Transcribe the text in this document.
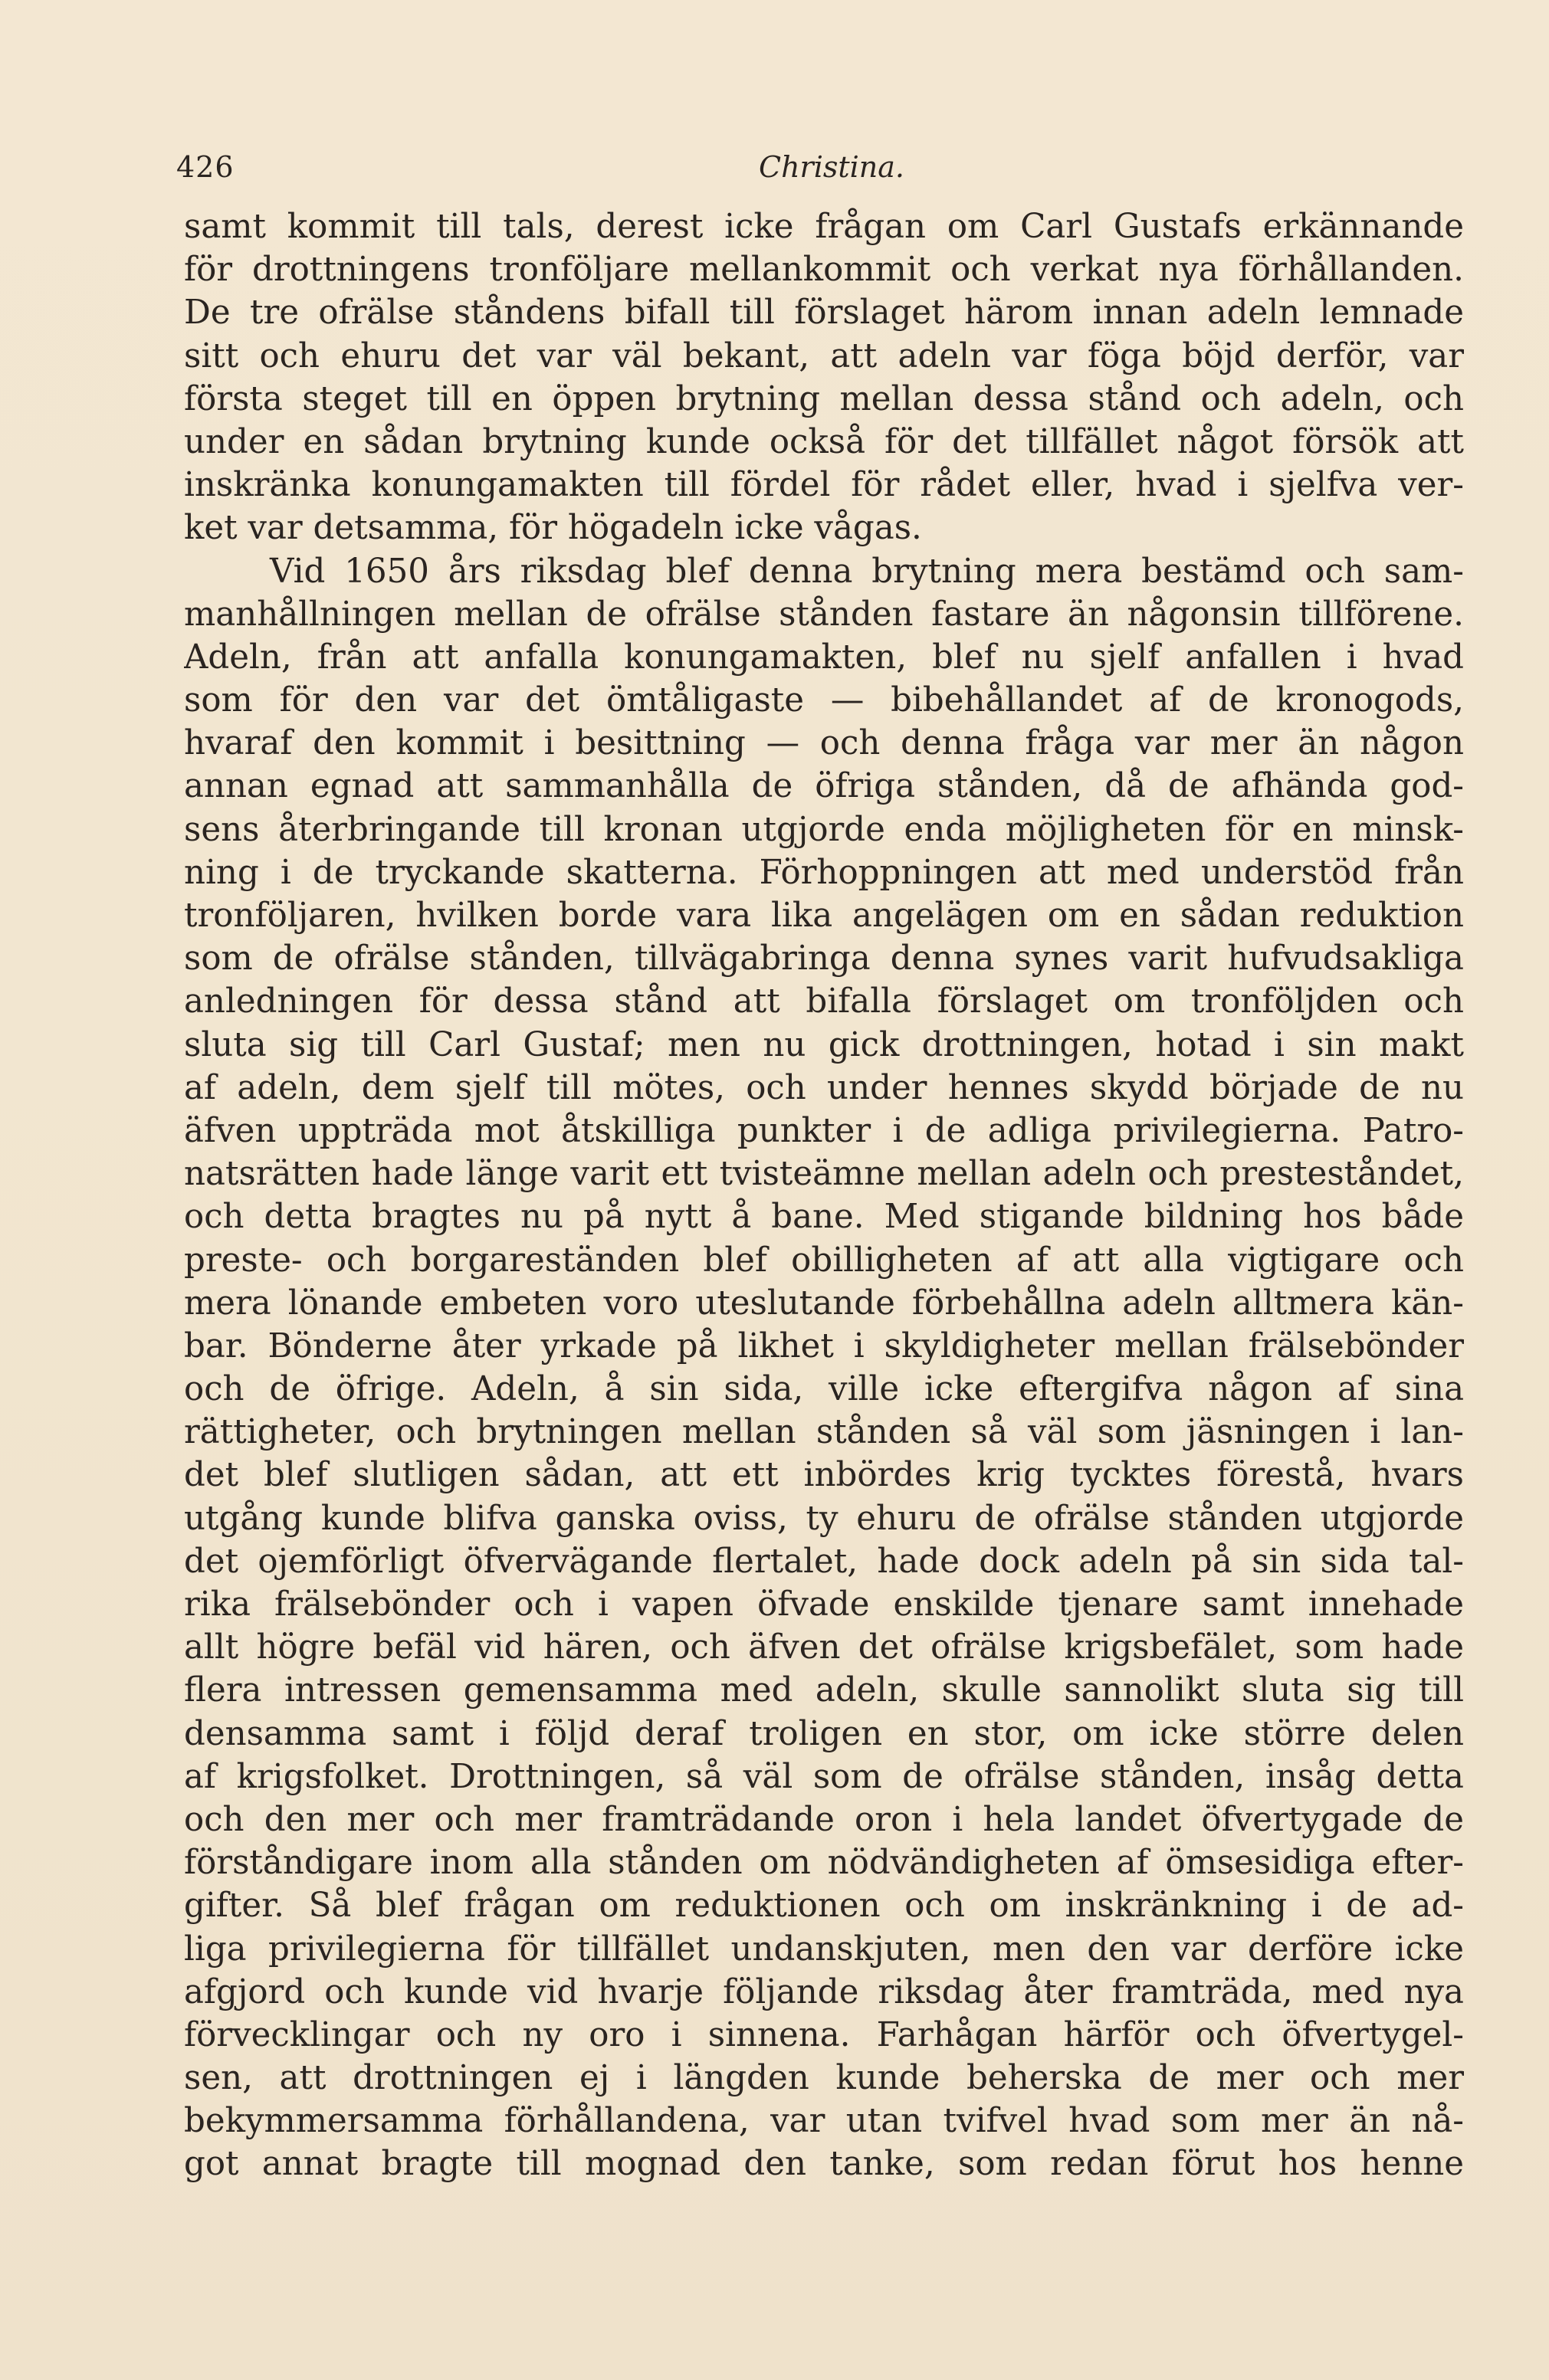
426	Christina.
samt kommit till tals, derest icke frågan om Carl Gustafs erkännande
för drottningens tronföljare mellankommit och verkat nya förhållanden.
De tre ofrälse ståndens bifall till förslaget härom innan adeln lemnade
sitt och ehuru det var väl bekant, att adeln var föga böjd derför, var
första steget till en öppen brytning mellan dessa stånd och adeln, och
under en sådan brytning kunde också för det tillfället något försök att
inskränka konungamakten till fördel för rådet eller, hvad i sjelfva ver-
ket var detsamma, för högadeln icke vågas.
Vid 1650 års riksdag blef denna brytning mera bestämd och sam-
manhållningen mellan de ofrälse stånden fastare än någonsin tillförene.
Adeln, från att anfalla konungamakten, blef nu sjelf anfallen i hvad
som för den var det ömtåligaste — bibehållandet af de kronogods,
hvaraf den kommit i besittning — och denna fråga var mer än någon
annan egnad att sammanhålla de öfriga stånden, då de afhända god-
sens återbringande till kronan utgjorde enda möjligheten för en minsk-
ning i de tryckande skatterna. Förhoppningen att med understöd från
tronföljaren, hvilken borde vara lika angelägen om en sådan reduktion
som de ofrälse stånden, tillvägabringa denna synes varit hufvudsakliga
anledningen för dessa stånd att bifalla förslaget om tronföljden och
sluta sig till Carl Gustaf; men nu gick drottningen, hotad i sin makt
af adeln, dem sjelf till mötes, och under hennes skydd började de nu
äfven uppträda mot åtskilliga punkter i de adliga privilegierna. Patro-
natsrätten hade länge varit ett tvisteämne mellan adeln och presteståndet,
och detta bragtes nu på nytt å bane. Med stigande bildning hos både
preste- och borgareständen blef obilligheten af att alla vigtigare och
mera lönande embeten voro uteslutande förbehållna adeln alltmera kän-
bar. Bönderne åter yrkade på likhet i skyldigheter mellan frälsebönder
och de öfrige. Adeln, å sin sida, ville icke eftergifva någon af sina
rättigheter, och brytningen mellan stånden så väl som jäsningen i lan-
det blef slutligen sådan, att ett inbördes krig tycktes förestå, hvars
utgång kunde blifva ganska oviss, ty ehuru de ofrälse stånden utgjorde
det ojemförligt öfvervägande flertalet, hade dock adeln på sin sida tal-
rika frälsebönder och i vapen öfvade enskilde tjenare samt innehade
allt högre befäl vid hären, och äfven det ofrälse krigsbefälet, som hade
flera intressen gemensamma med adeln, skulle sannolikt sluta sig till
densamma samt i följd deraf troligen en stor, om icke större delen
af krigsfolket. Drottningen, så väl som de ofrälse stånden, insåg detta
och den mer och mer framträdande oron i hela landet öfvertygade de
förståndigare inom alla stånden om nödvändigheten af ömsesidiga efter-
gifter. Så blef frågan om reduktionen och om inskränkning i de ad-
liga privilegierna för tillfället undanskjuten, men den var derföre icke
afgjord och kunde vid hvarje följande riksdag åter framträda, med nya
förvecklingar och ny oro i sinnena. Farhågan härför och öfvertygel-
sen, att drottningen ej i längden kunde beherska de mer och mer
bekymmersamma förhållandena, var utan tvifvel hvad som mer än nå-
got annat bragte till mognad den tanke, som redan förut hos henne
